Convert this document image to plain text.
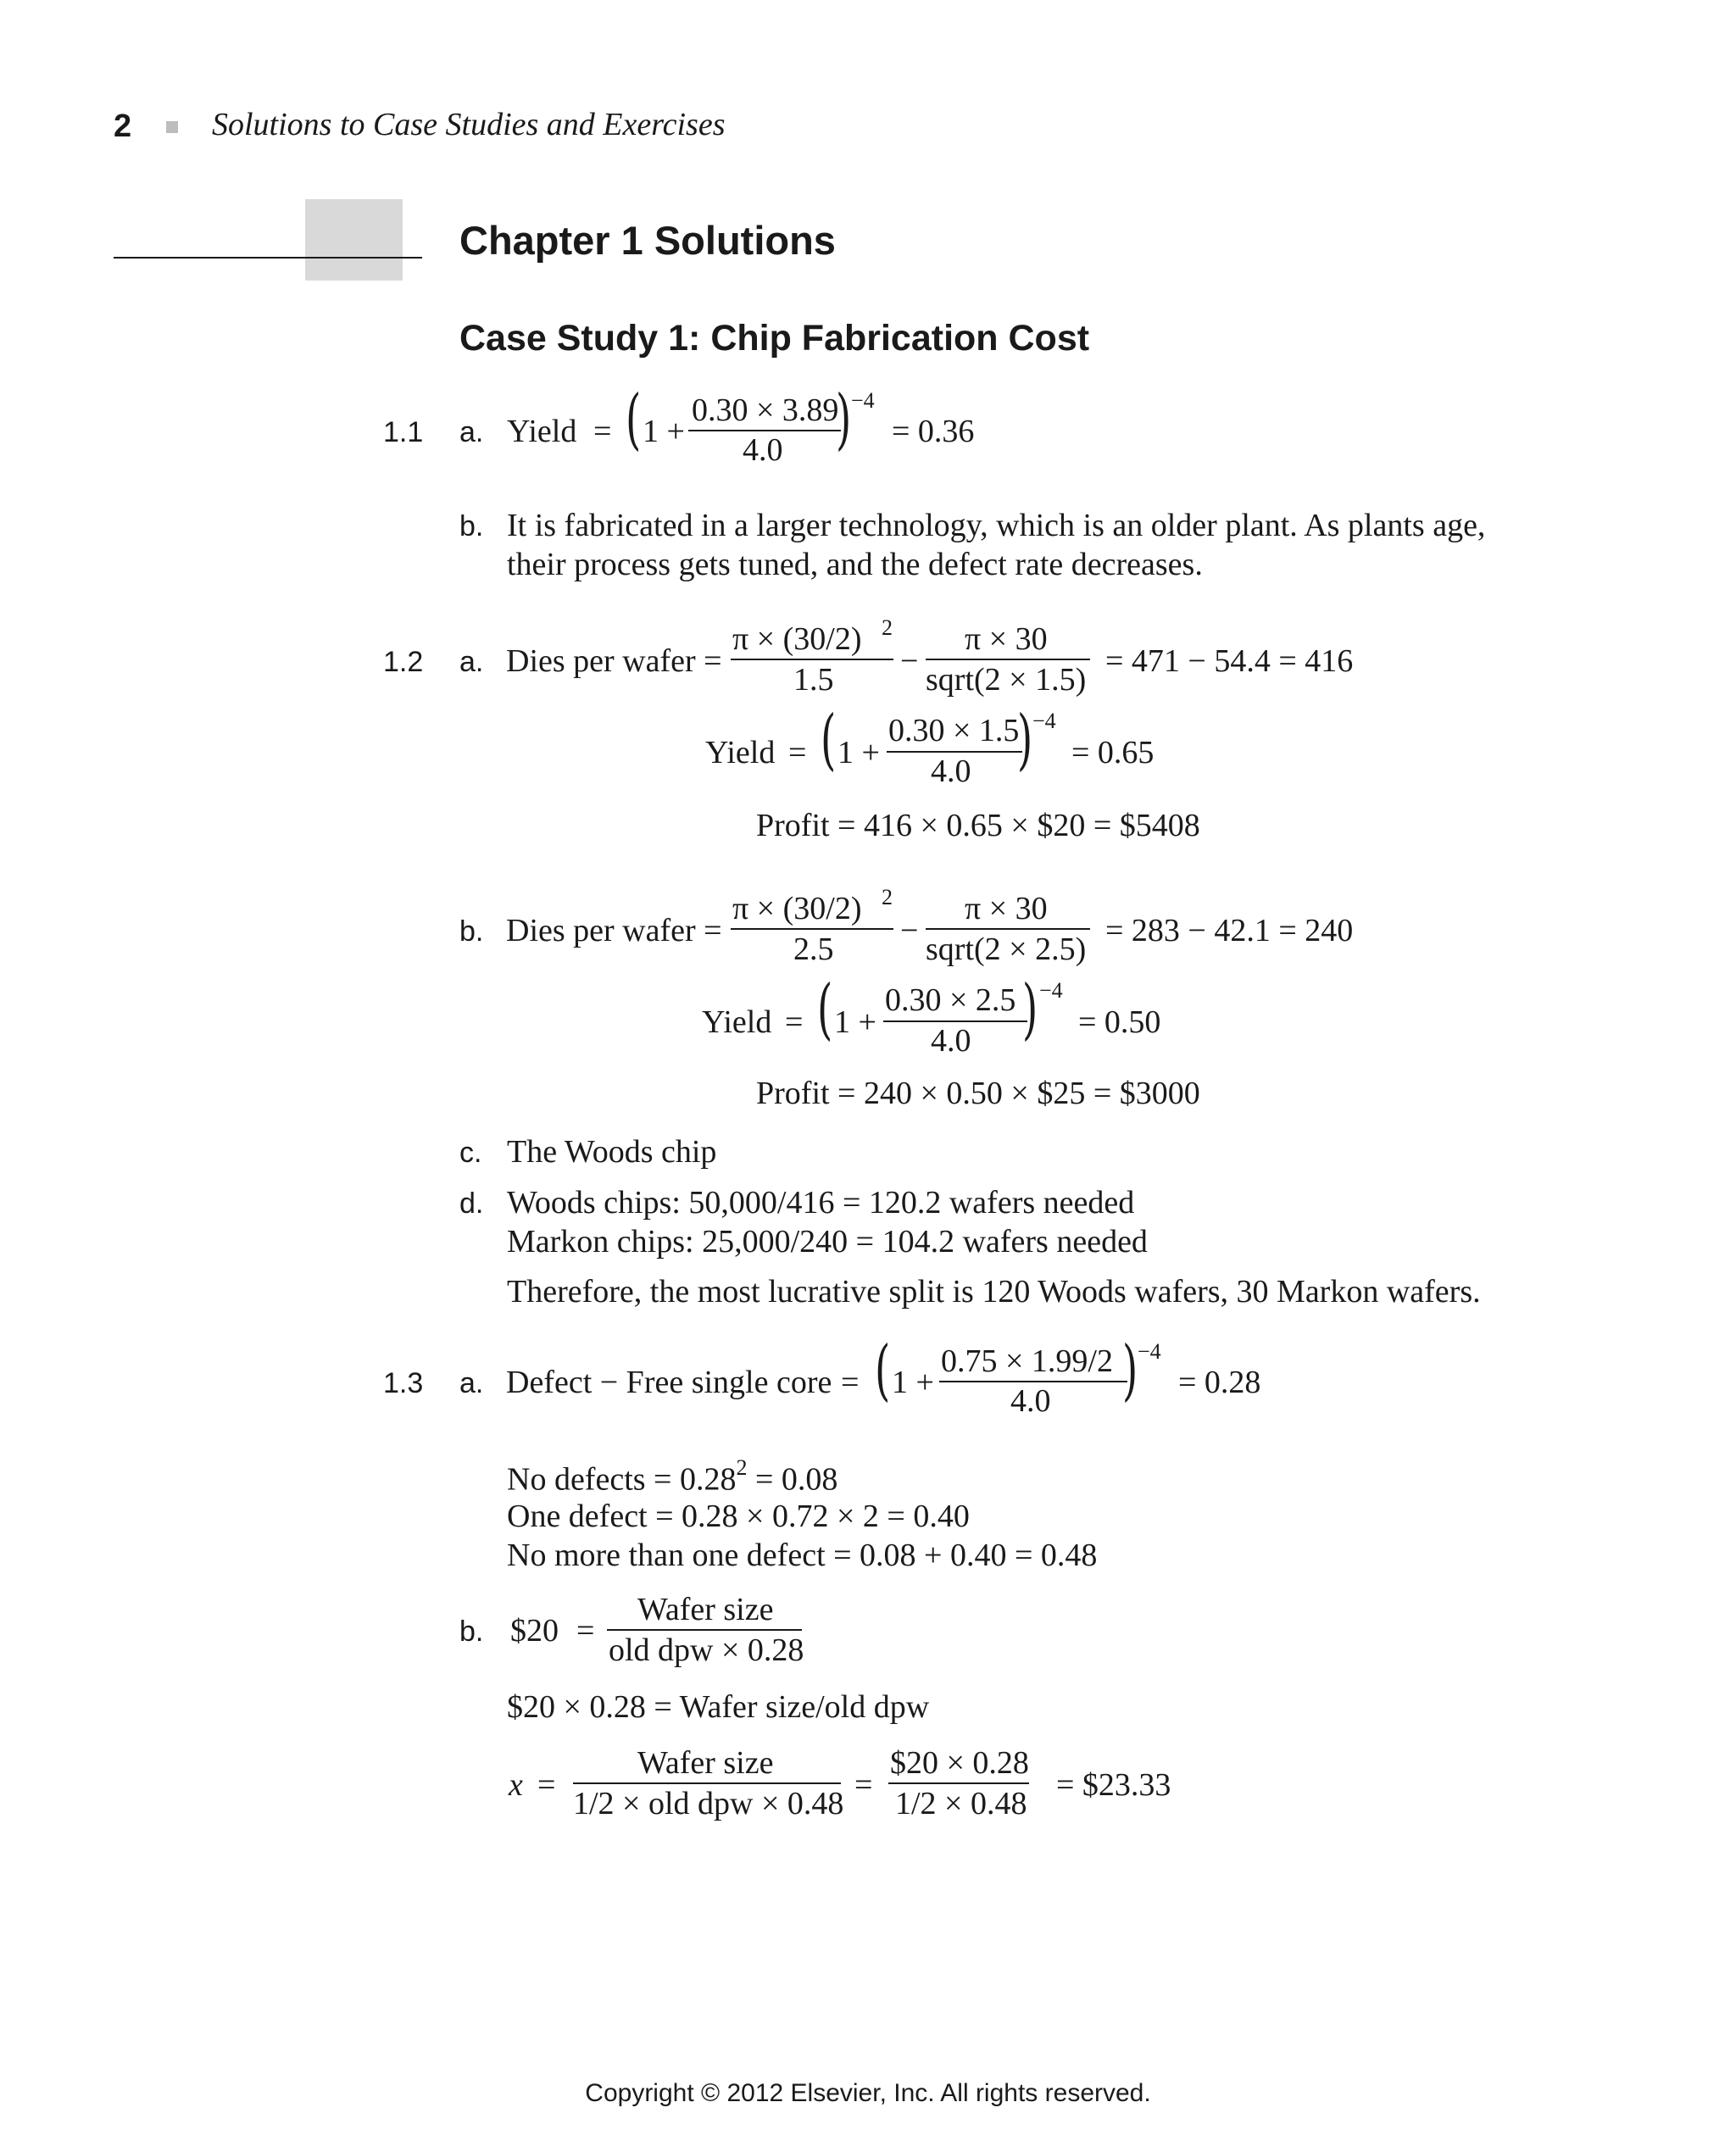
2 Solutions to Case Studies and Exercises
Chapter 1 Solutions
Case Study 1: Chip Fabrication Cost
1.1 a. Yield = ( 1 +
0.30 × 3.89
4.0 ) −4
= 0.36
b. It is fabricated in a larger technology, which is an older plant. As plants age,
their process gets tuned, and the defect rate decreases.
1.2 a. Dies per wafer =
π × (30/2) 2
1.5
−
π × 30
sqrt(2 × 1.5)
= 471 − 54.4 = 416
Yield = ( 1 +
0.30 × 1.5
4.0 ) −4
= 0.65
Profit = 416 × 0.65 × $20 = $5408
b. Dies per wafer =
π × (30/2) 2
2.5
−
π × 30
sqrt(2 × 2.5)
= 283 − 42.1 = 240
Yield = ( 1 +
0.30 × 2.5
4.0 ) −4
= 0.50
Profit = 240 × 0.50 × $25 = $3000
c. The Woods chip
d. Woods chips: 50,000/416 = 120.2 wafers needed
Markon chips: 25,000/240 = 104.2 wafers needed
Therefore, the most lucrative split is 120 Woods wafers, 30 Markon wafers.
1.3 a. Defect − Free single core = ( 1 +
0.75 × 1.99/2
4.0 ) −4
= 0.28
No defects = $0.28^2 = 0.08$
One defect = 0.28 × 0.72 × 2 = 0.40
No more than one defect = 0.08 + 0.40 = 0.48
b. $20 =
Wafer size
old dpw × 0.28
$20 × 0.28 = Wafer size/old dpw
x =
Wafer size
1/2 × old dpw × 0.48
=
$20 × 0.28
1/2 × 0.48
= $23.33
Copyright © 2012 Elsevier, Inc. All rights reserved.
